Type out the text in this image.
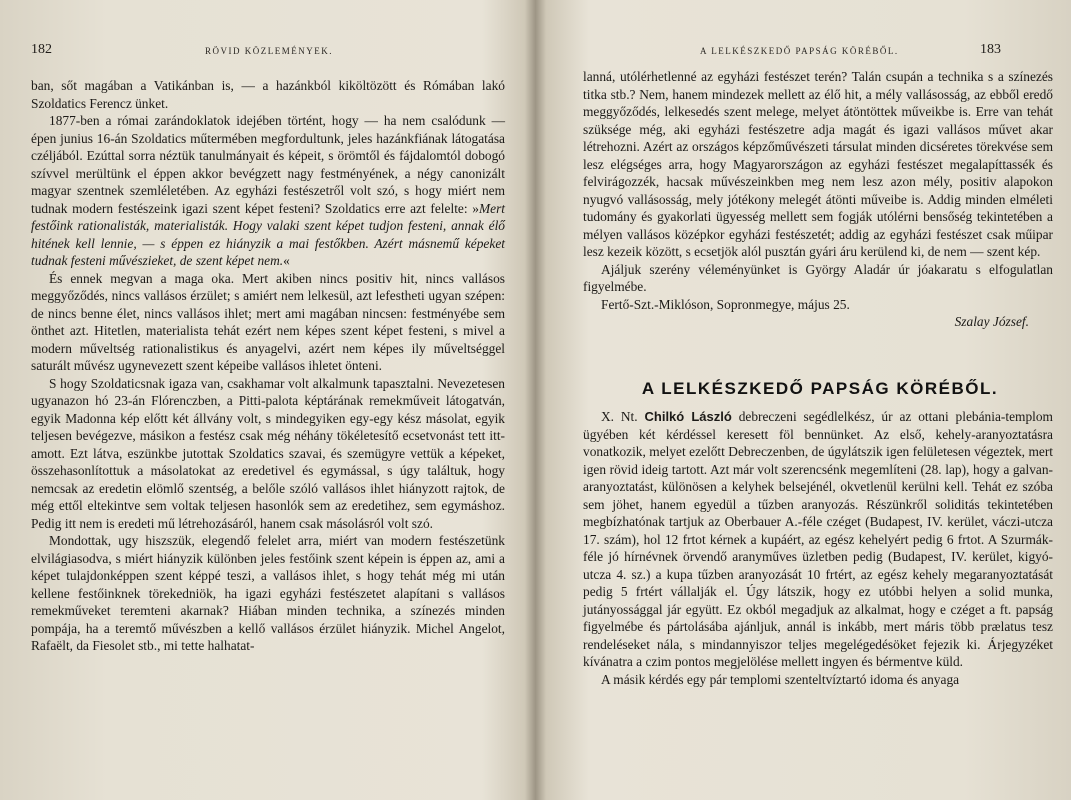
182	RÖVID KÖZLEMÉNYEK.

ban, sőt magában a Vatikánban is, — a hazánkból kiköltözött és Rómában lakó Szoldatics Ferencz ünket.

1877-ben a római zarándoklatok idejében történt, hogy — ha nem csalódunk — épen junius 16-án Szoldatics műtermében megfordultunk, jeles hazánkfiának látogatása czéljából. Ezúttal sorra néztük tanulmányait és képeit, s örömtől és fájdalomtól dobogó szívvel merültünk el éppen akkor bevégzett nagy festményének, a négy canonizált magyar szentnek szemléletében. Az egyházi festészetről volt szó, s hogy miért nem tudnak modern festészeink igazi szent képet festeni? Szoldatics erre azt felelte: »Mert festőink rationalisták, materialisták. Hogy valaki szent képet tudjon festeni, annak élő hitének kell lennie, — s éppen ez hiányzik a mai festőkben. Azért másnemű képeket tudnak festeni művészieket, de szent képet nem.«

És ennek megvan a maga oka. Mert akiben nincs positiv hit, nincs vallásos meggyőződés, nincs vallásos érzület; s amiért nem lelkesül, azt lefestheti ugyan szépen: de nincs benne élet, nincs vallásos ihlet; mert ami magában nincsen: festményébe sem önthet azt. Hitetlen, materialista tehát ezért nem képes szent képet festeni, s mivel a modern műveltség rationalistikus és anyagelvi, azért nem képes ily műveltséggel saturált művész ugynevezett szent képeibe vallásos ihletet önteni.

S hogy Szoldaticsnak igaza van, csakhamar volt alkalmunk tapasztalni. Nevezetesen ugyanazon hó 23-án Flórenczben, a Pitti-palota képtárának remekműveit látogatván, egyik Madonna kép előtt két állvány volt, s mindegyiken egy-egy kész másolat, egyik teljesen bevégezve, másikon a festész csak még néhány tökéletesítő ecsetvonást tett itt-amott. Ezt látva, eszünkbe jutottak Szoldatics szavai, és szemügyre vettük a képeket, összehasonlítottuk a másolatokat az eredetivel és egymással, s úgy találtuk, hogy nemcsak az eredetin elömlő szentség, a belőle szóló vallásos ihlet hiányzott rajtok, de még ettől eltekintve sem voltak teljesen hasonlók sem az eredetihez, sem egymáshoz. Pedig itt nem is eredeti mű létrehozásáról, hanem csak másolásról volt szó.

Mondottak, ugy hiszszük, elegendő felelet arra, miért van modern festészetünk elvilágiasodva, s miért hiányzik különben jeles festőink szent képein is éppen az, ami a képet tulajdonképpen szent képpé teszi, a vallásos ihlet, s hogy tehát még mi után kellene festőinknek törekedniök, ha igazi egyházi festészetet alapítani s vallásos remekműveket teremteni akarnak? Hiában minden technika, a színezés minden pompája, ha a teremtő művészben a kellő vallásos érzület hiányzik. Michel Angelot, Rafaëlt, da Fiesolet stb., mi tette halhatat-

A LELKÉSZKEDŐ PAPSÁG KÖRÉBŐL.	183

lanná, utólérhetlenné az egyházi festészet terén? Talán csupán a technika s a színezés titka stb.? Nem, hanem mindezek mellett az élő hit, a mély vallásosság, az ebből eredő meggyőződés, lelkesedés szent melege, melyet átöntöttek műveikbe is. Erre van tehát szüksége még, aki egyházi festészetre adja magát és igazi vallásos művet akar létrehozni. Azért az országos képzőművészeti társulat minden dicséretes törekvése sem lesz elégséges arra, hogy Magyarországon az egyházi festészet megalapíttassék és felvirágozzék, hacsak művészeinkben meg nem lesz azon mély, positiv alapokon nyugvó vallásosság, mely jótékony melegét átönti műveibe is. Addig minden elméleti tudomány és gyakorlati ügyesség mellett sem fogják utólérni bensőség tekintetében a mélyen vallásos középkor egyházi festészetét; addig az egyházi festészet csak műipar lesz kezeik között, s ecsetjök alól pusztán gyári áru kerülend ki, de nem — szent kép.

Ajáljuk szerény véleményünket is György Aladár úr jóakaratu s elfogulatlan figyelmébe.

Fertő-Szt.-Miklóson, Sopronmegye, május 25.

Szalay József.

A LELKÉSZKEDŐ PAPSÁG KÖRÉBŐL.

X. Nt. Chilkó László debreczeni segédlelkész, úr az ottani plebánia-templom ügyében két kérdéssel keresett föl bennünket. Az első, kehely-aranyoztatásra vonatkozik, melyet ezelőtt Debreczenben, de úgylátszik igen felületesen végeztek, mert igen rövid ideig tartott. Azt már volt szerencsénk megemlíteni (28. lap), hogy a galvan-aranyoztatást, különösen a kelyhek belsejénél, okvetlenül kerülni kell. Tehát ez szóba sem jöhet, hanem egyedül a tűzben aranyozás. Részünkről soliditás tekintetében megbízhatónak tartjuk az Oberbauer A.-féle czéget (Budapest, IV. kerület, váczi-utcza 17. szám), hol 12 frtot kérnek a kupáért, az egész kehelyért pedig 6 frtot. A Szurmák-féle jó hírnévnek örvendő aranyműves üzletben pedig (Budapest, IV. kerület, kigyó-utcza 4. sz.) a kupa tűzben aranyozását 10 frtért, az egész kehely megaranyoztatását pedig 5 frtért vállalják el. Úgy látszik, hogy ez utóbbi helyen a solid munka, jutányossággal jár együtt. Ez okból megadjuk az alkalmat, hogy e czéget a ft. papság figyelmébe és pártolásába ajánljuk, annál is inkább, mert máris több prælatus tesz rendeléseket nála, s mindannyiszor teljes megelégedésöket fejezik ki. Árjegyzéket kívánatra a czim pontos megjelölése mellett ingyen és bérmentve küld.

A másik kérdés egy pár templomi szenteltvíztartó idoma és anyaga
